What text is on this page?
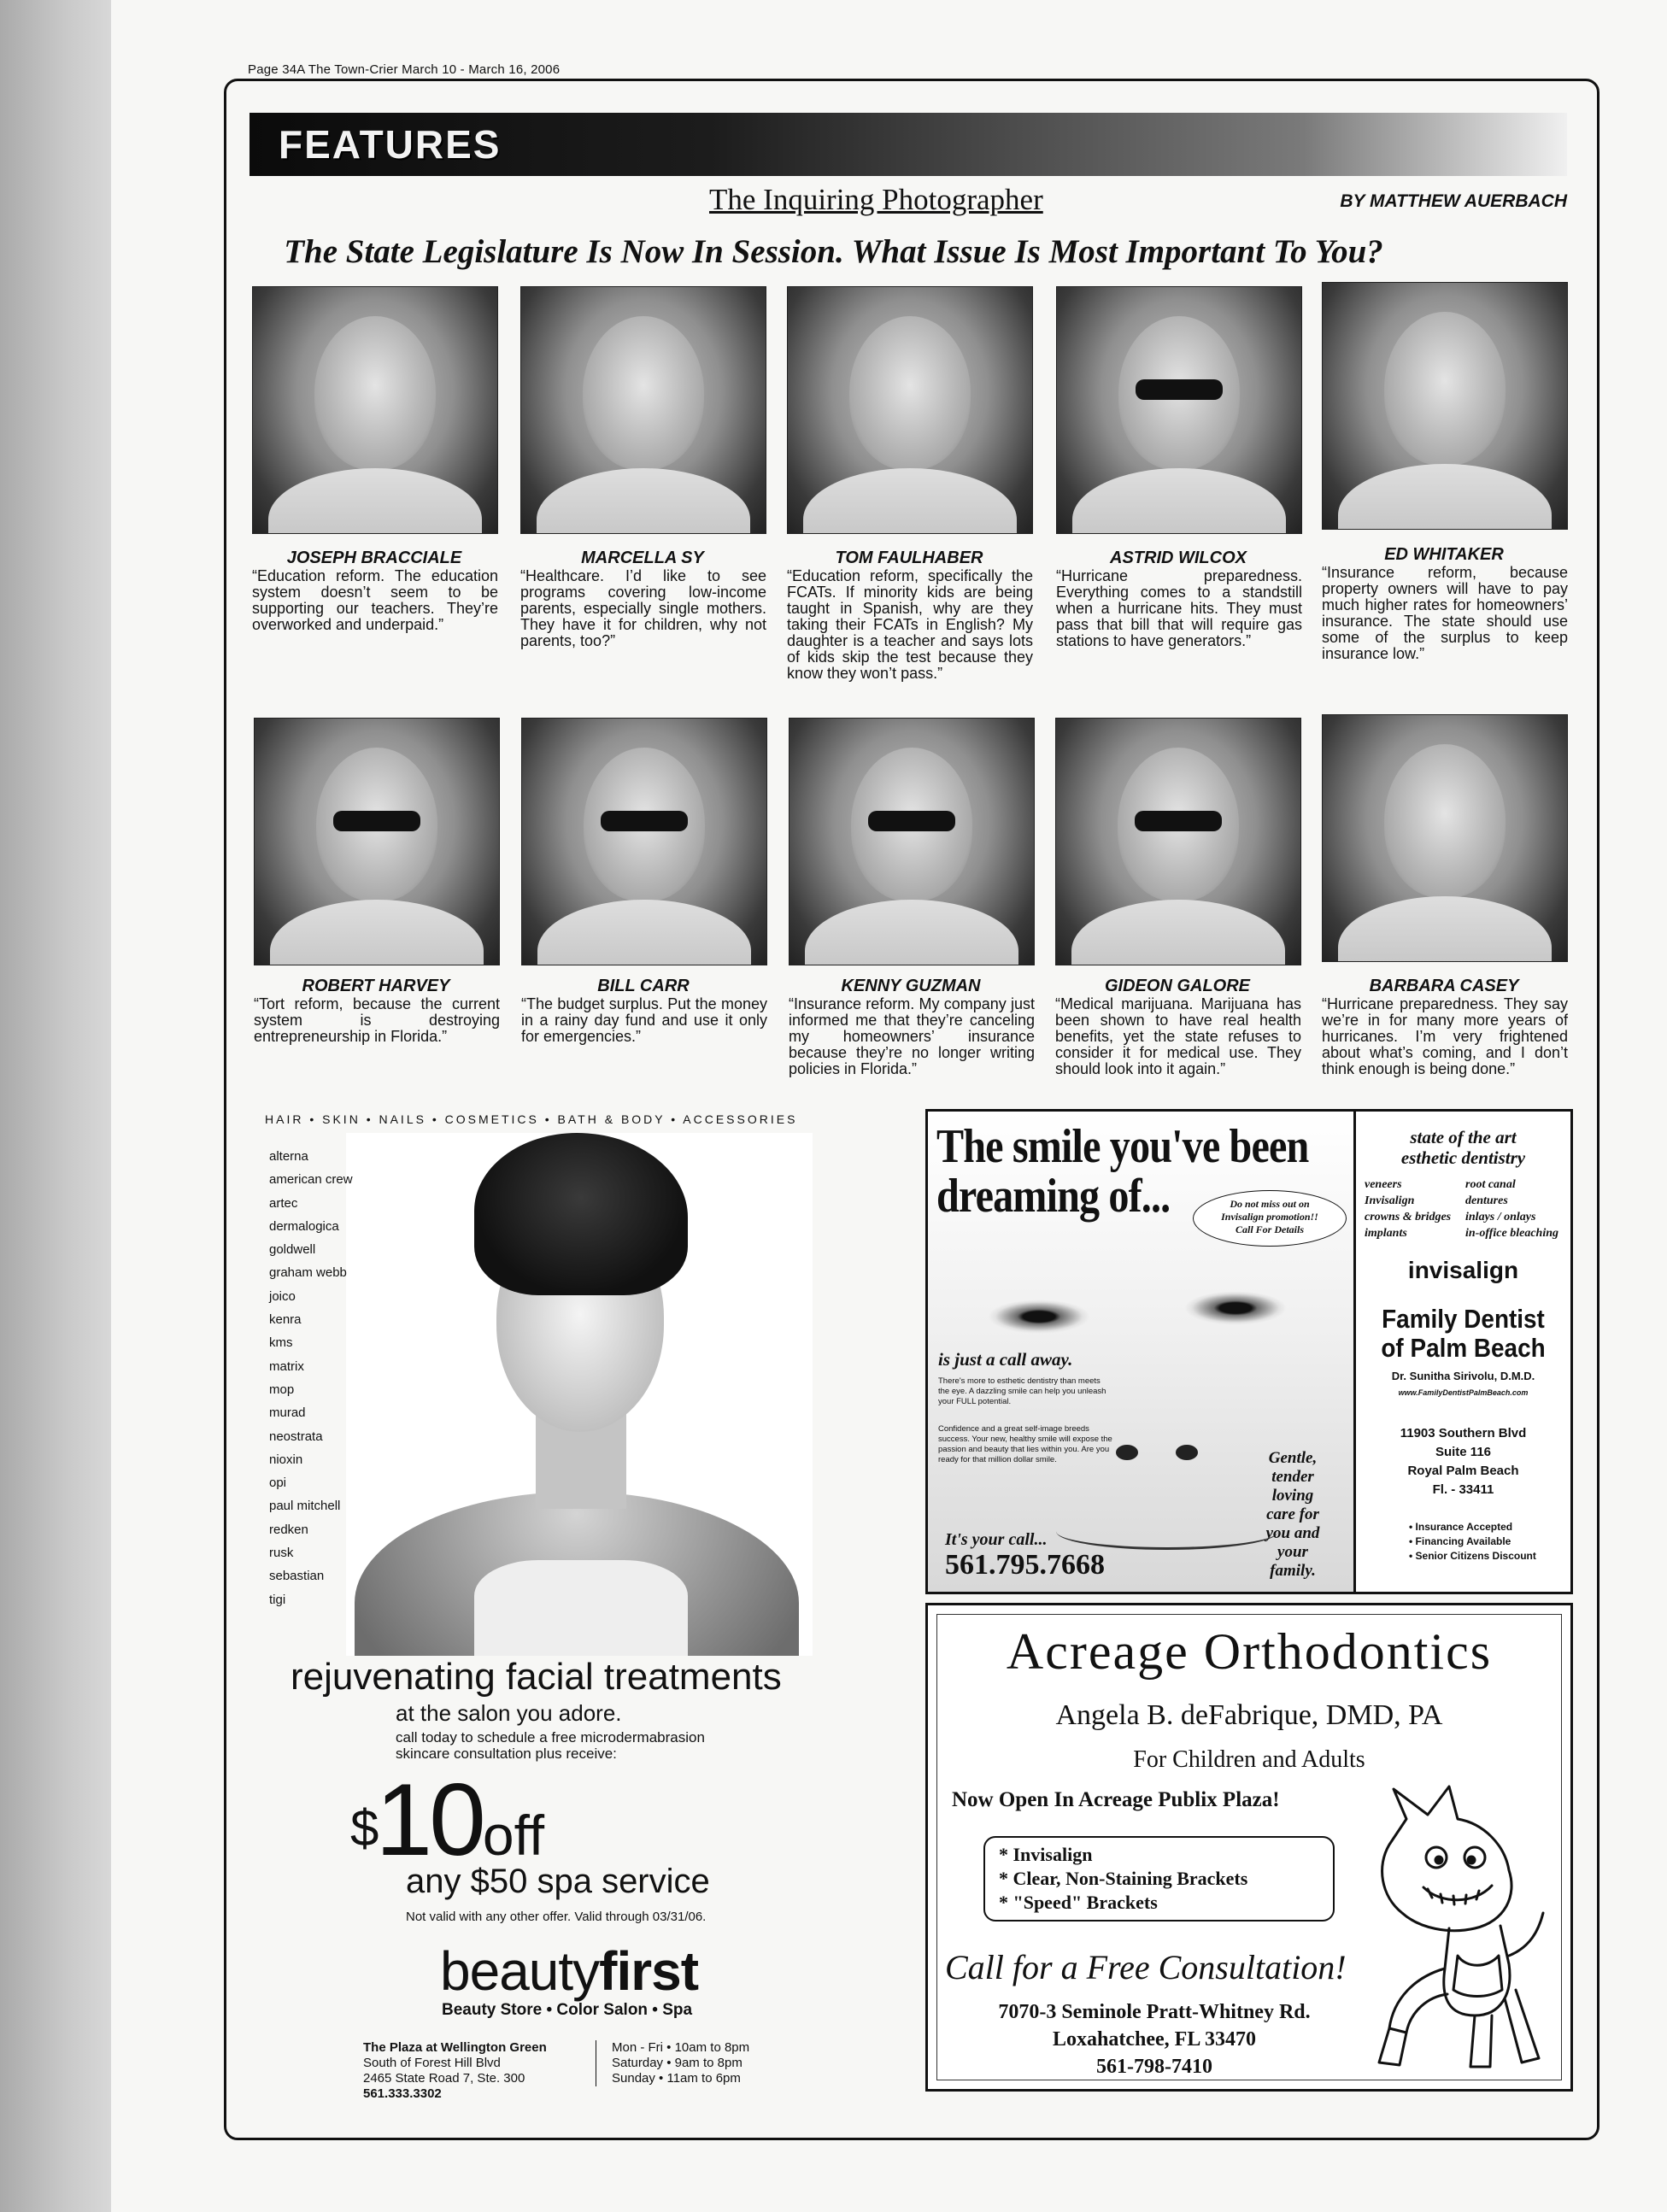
Page 34A The Town-Crier March 10 - March 16, 2006
FEATURES
The Inquiring Photographer	BY MATTHEW AUERBACH
The State Legislature Is Now In Session. What Issue Is Most Important To You?
JOSEPH BRACCIALE	MARCELLA SY	TOM FAULHABER	ASTRID WILCOX	ED WHITAKER
“Education reform. The education system doesn’t seem to be supporting our teachers. They’re overworked and underpaid.”
“Healthcare. I’d like to see programs covering low-income parents, especially single mothers. They have it for children, why not parents, too?”
“Education reform, specifically the FCATs. If minority kids are being taught in Spanish, why are they taking their FCATs in English? My daughter is a teacher and says lots of kids skip the test because they know they won’t pass.”
“Hurricane preparedness. Everything comes to a standstill when a hurricane hits. They must pass that bill that will require gas stations to have generators.”
“Insurance reform, because property owners will have to pay much higher rates for homeowners’ insurance. The state should use some of the surplus to keep insurance low.”
ROBERT HARVEY	BILL CARR	KENNY GUZMAN	GIDEON GALORE	BARBARA CASEY
“Tort reform, because the current system is destroying entrepreneurship in Florida.”
“The budget surplus. Put the money in a rainy day fund and use it only for emergencies.”
“Insurance reform. My company just informed me that they’re canceling my homeowners’ insurance because they’re no longer writing policies in Florida.”
“Medical marijuana. Marijuana has been shown to have real health benefits, yet the state refuses to consider it for medical use. They should look into it again.”
“Hurricane preparedness. They say we’re in for many more years of hurricanes. I’m very frightened about what’s coming, and I don’t think enough is being done.”
HAIR • SKIN • NAILS • COSMETICS • BATH & BODY • ACCESSORIES
alterna
american crew
artec
dermalogica
goldwell
graham webb
joico
kenra
kms
matrix
mop
murad
neostrata
nioxin
opi
paul mitchell
redken
rusk
sebastian
tigi
rejuvenating facial treatments
at the salon you adore.
call today to schedule a free microdermabrasion
skincare consultation plus receive:
$10off
any $50 spa service
Not valid with any other offer. Valid through 03/31/06.
beautyfirst
Beauty Store • Color Salon • Spa
The Plaza at Wellington Green
South of Forest Hill Blvd
2465 State Road 7, Ste. 300
561.333.3302
Mon - Fri • 10am to 8pm
Saturday • 9am to 8pm
Sunday • 11am to 6pm
The smile you've been
dreaming of...	Do not miss out on
Invisalign promotion!!
Call For Details
is just a call away.
There's more to esthetic dentistry than meets the eye. A dazzling smile can help you unleash your FULL potential.
Confidence and a great self-image breeds success. Your new, healthy smile will expose the passion and beauty that lies within you. Are you ready for that million dollar smile.
It's your call...
561.795.7668
Gentle,
tender
loving
care for
you and
your
family.
state of the art
esthetic dentistry
veneers
Invisalign
crowns & bridges
implants
root canal
dentures
inlays / onlays
in-office bleaching
invisalign
Family Dentist
of Palm Beach
Dr. Sunitha Sirivolu, D.M.D.
www.FamilyDentistPalmBeach.com
11903 Southern Blvd
Suite 116
Royal Palm Beach
Fl. - 33411
• Insurance Accepted
• Financing Available
• Senior Citizens Discount
Acreage Orthodontics
Angela B. deFabrique, DMD, PA
For Children and Adults
Now Open In Acreage Publix Plaza!
* Invisalign
* Clear, Non-Staining Brackets
* "Speed" Brackets
Call for a Free Consultation!
7070-3 Seminole Pratt-Whitney Rd.
Loxahatchee, FL 33470
561-798-7410
